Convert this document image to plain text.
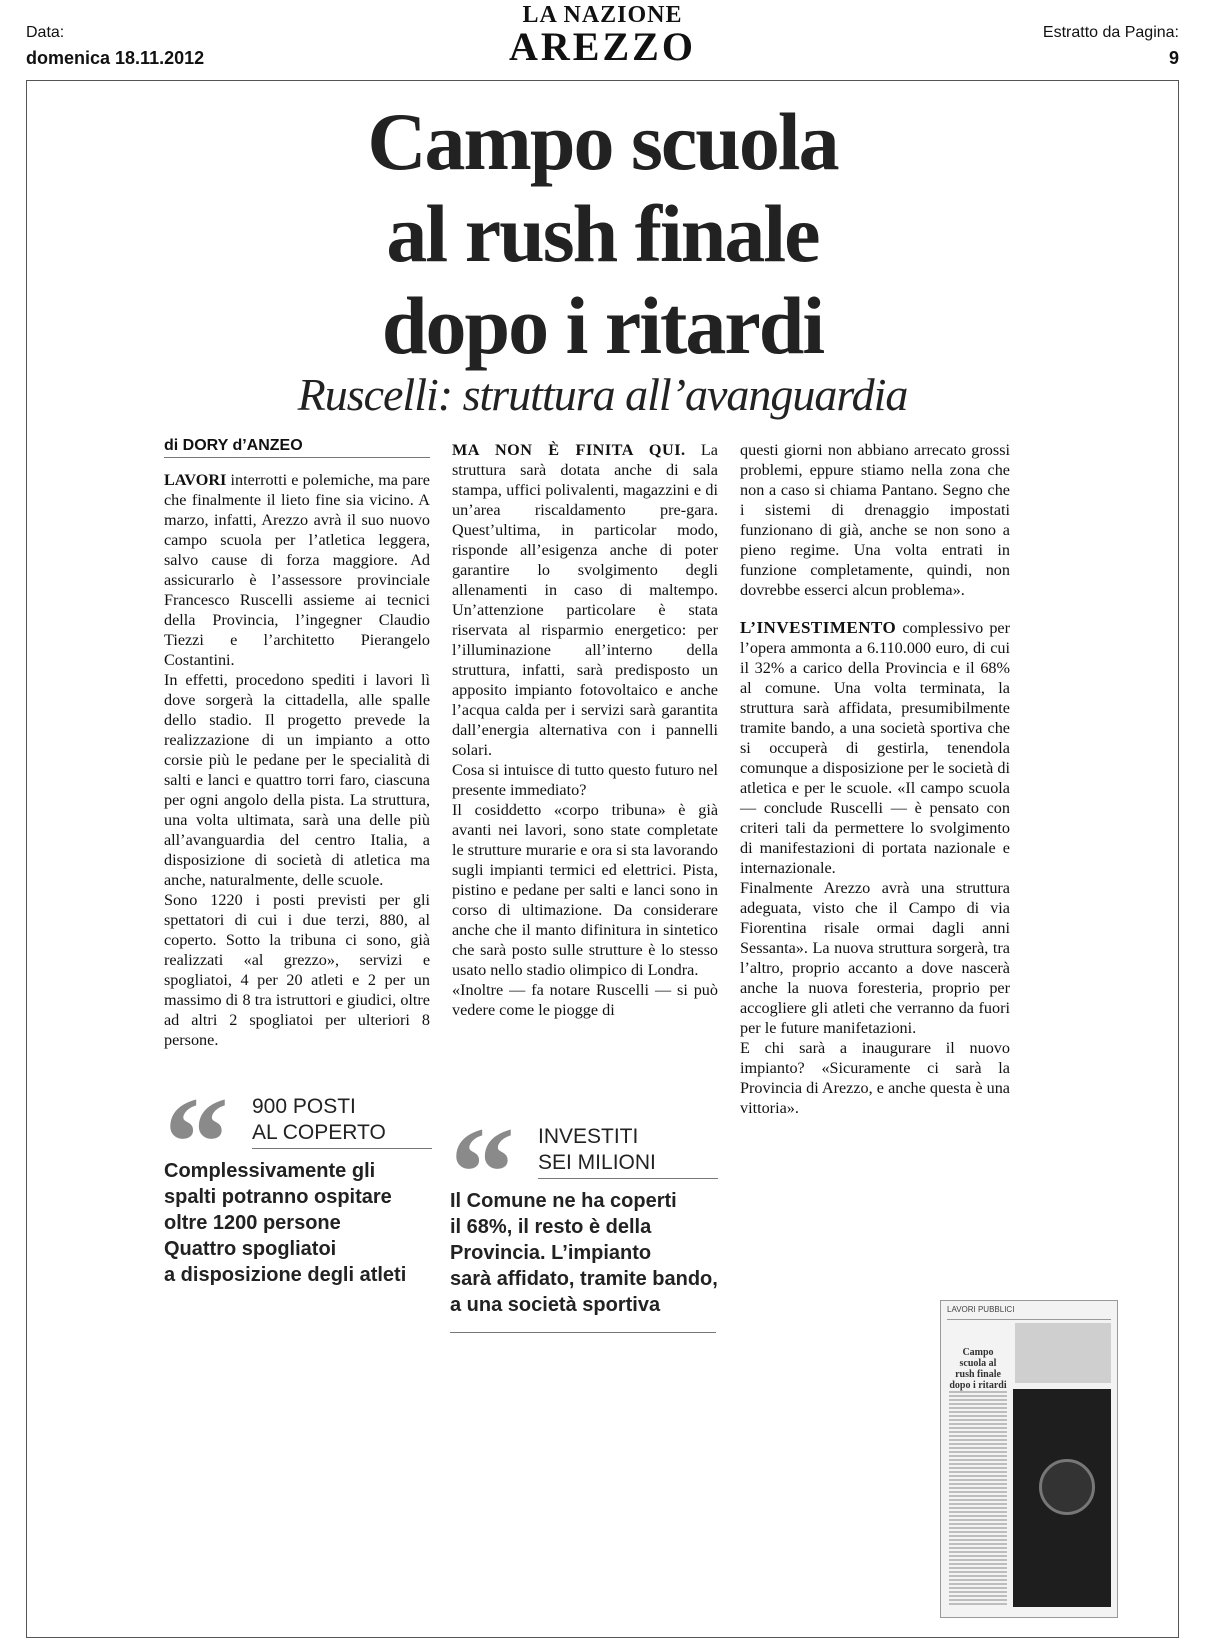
Data:
domenica 18.11.2012
LA NAZIONE
AREZZO	Estratto da Pagina:
9
Campo scuola
al rush finale
dopo i ritardi
Ruscelli: struttura all’avanguardia
di DORY d’ANZEO

LAVORI interrotti e polemiche, ma pare che finalmente il lieto fine sia vicino. A marzo, infatti, Arezzo avrà il suo nuovo campo scuola per l’atletica leggera, salvo cause di forza maggiore. Ad assicurarlo è l’assessore provinciale Francesco Ruscelli assieme ai tecnici della Provincia, l’ingegner Claudio Tiezzi e l’architetto Pierangelo Costantini.

In effetti, procedono spediti i lavori lì dove sorgerà la cittadella, alle spalle dello stadio. Il progetto prevede la realizzazione di un impianto a otto corsie più le pedane per le specialità di salti e lanci e quattro torri faro, ciascuna per ogni angolo della pista. La struttura, una volta ultimata, sarà una delle più all’avanguardia del centro Italia, a disposizione di società di atletica ma anche, naturalmente, delle scuole.

Sono 1220 i posti previsti per gli spettatori di cui i due terzi, 880, al coperto. Sotto la tribuna ci sono, già realizzati «al grezzo», servizi e spogliatoi, 4 per 20 atleti e 2 per un massimo di 8 tra istruttori e giudici, oltre ad altri 2 spogliatoi per ulteriori 8 persone.

MA NON È FINITA QUI. La struttura sarà dotata anche di sala stampa, uffici polivalenti, magazzini e di un’area riscaldamento pre-gara. Quest’ultima, in particolar modo, risponde all’esigenza anche di poter garantire lo svolgimento degli allenamenti in caso di maltempo. Un’attenzione particolare è stata riservata al risparmio energetico: per l’illuminazione all’interno della struttura, infatti, sarà predisposto un apposito impianto fotovoltaico e anche l’acqua calda per i servizi sarà garantita dall’energia alternativa con i pannelli solari.

Cosa si intuisce di tutto questo futuro nel presente immediato?

Il cosiddetto «corpo tribuna» è già avanti nei lavori, sono state completate le strutture murarie e ora si sta lavorando sugli impianti termici ed elettrici. Pista, pistino e pedane per salti e lanci sono in corso di ultimazione. Da considerare anche che il manto difinitura in sintetico che sarà posto sulle strutture è lo stesso usato nello stadio olimpico di Londra.

«Inoltre — fa notare Ruscelli — si può vedere come le piogge di

questi giorni non abbiano arrecato grossi problemi, eppure stiamo nella zona che non a caso si chiama Pantano. Segno che i sistemi di drenaggio impostati funzionano di già, anche se non sono a pieno regime. Una volta entrati in funzione completamente, quindi, non dovrebbe esserci alcun problema».

L’INVESTIMENTO complessivo per l’opera ammonta a 6.110.000 euro, di cui il 32% a carico della Provincia e il 68% al comune. Una volta terminata, la struttura sarà affidata, presumibilmente tramite bando, a una società sportiva che si occuperà di gestirla, tenendola comunque a disposizione per le società di atletica e per le scuole. «Il campo scuola — conclude Ruscelli — è pensato con criteri tali da permettere lo svolgimento di manifestazioni di portata nazionale e internazionale.

Finalmente Arezzo avrà una struttura adeguata, visto che il Campo di via Fiorentina risale ormai dagli anni Sessanta». La nuova struttura sorgerà, tra l’altro, proprio accanto a dove nascerà anche la nuova foresteria, proprio per accogliere gli atleti che verranno da fuori per le future manifetazioni.

E chi sarà a inaugurare il nuovo impianto? «Sicuramente ci sarà la Provincia di Arezzo, e anche questa è una vittoria».

“ 900 POSTI
AL COPERTO
Complessivamente gli
spalti potranno ospitare
oltre 1200 persone
Quattro spogliatoi
a disposizione degli atleti
“ INVESTITI
SEI MILIONI
Il Comune ne ha coperti
il 68%, il resto è della
Provincia. L’impianto
sarà affidato, tramite bando,
a una società sportiva	LAVORI PUBBLICI
Campo scuola al rush finale dopo i ritardi
